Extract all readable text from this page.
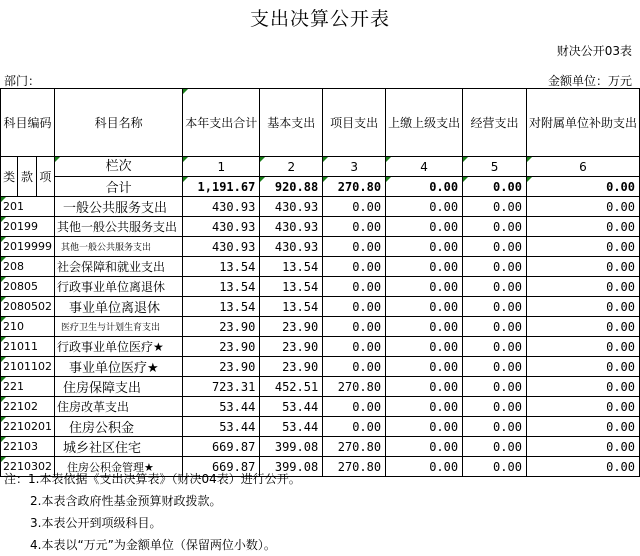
支出决算公开表
财决公开03表
部门：	金额单位：万元
科目编码			科目名称	本年支出合计	基本支出	项目支出	上缴上级支出	经营支出	对附属单位补助支出

类	款	项	栏次	1	2	3	4	5	6
			合计	1,191.67	920.88	270.80	0.00	0.00	0.00
201			一般公共服务支出	430.93	430.93	0.00	0.00	0.00	0.00
20199			其他一般公共服务支出	430.93	430.93	0.00	0.00	0.00	0.00
2019999			其他一般公共服务支出	430.93	430.93	0.00	0.00	0.00	0.00
208			社会保障和就业支出	13.54	13.54	0.00	0.00	0.00	0.00
20805			行政事业单位离退休	13.54	13.54	0.00	0.00	0.00	0.00
2080502			事业单位离退休	13.54	13.54	0.00	0.00	0.00	0.00
210			医疗卫生与计划生育支出	23.90	23.90	0.00	0.00	0.00	0.00
21011			行政事业单位医疗★	23.90	23.90	0.00	0.00	0.00	0.00
2101102			事业单位医疗★	23.90	23.90	0.00	0.00	0.00	0.00
221			住房保障支出	723.31	452.51	270.80	0.00	0.00	0.00
22102			住房改革支出	53.44	53.44	0.00	0.00	0.00	0.00
2210201			住房公积金	53.44	53.44	0.00	0.00	0.00	0.00
22103			城乡社区住宅	669.87	399.08	270.80	0.00	0.00	0.00
2210302			住房公积金管理★	669.87	399.08	270.80	0.00	0.00	0.00
注：1.本表依据《支出决算表》（财决04表）进行公开。
2.本表含政府性基金预算财政拨款。
3.本表公开到项级科目。
4.本表以“万元”为金额单位（保留两位小数）。
